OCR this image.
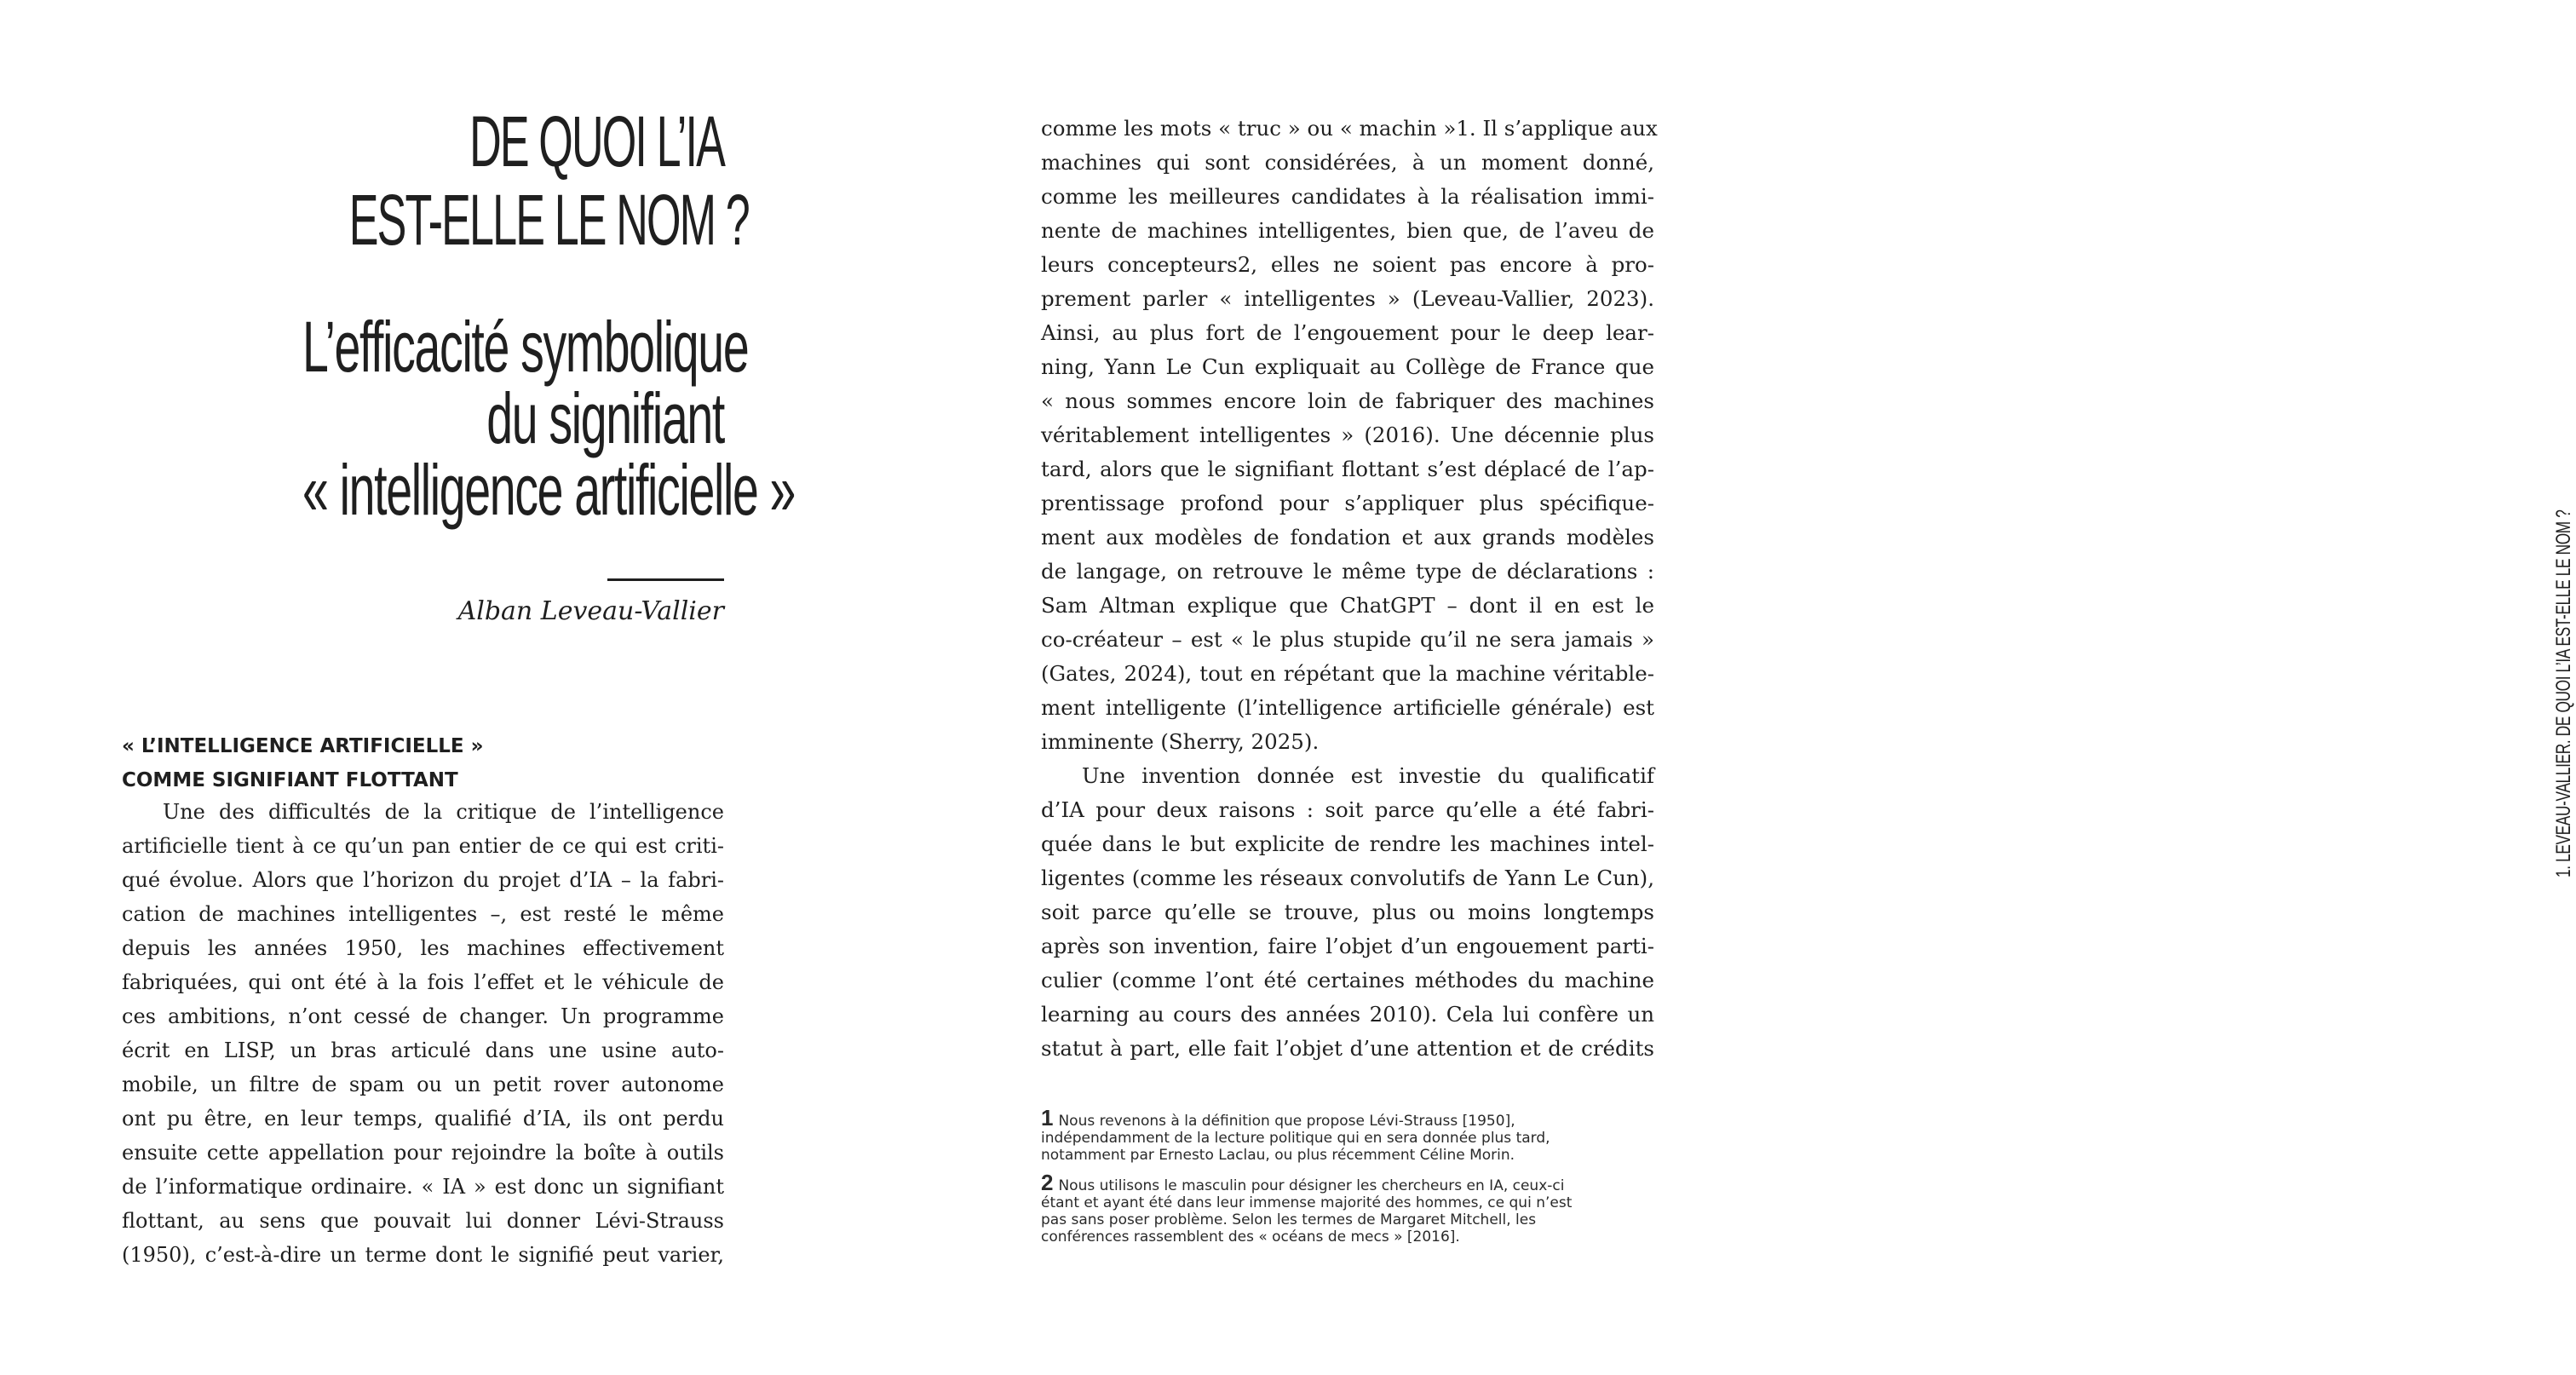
DE QUOI L’IA
EST-ELLE LE NOM ?
L’efficacité symbolique
du signifiant
« intelligence artificielle »
Alban Leveau-Vallier
« L’INTELLIGENCE ARTIFICIELLE »
COMME SIGNIFIANT FLOTTANT
Une des difficultés de la critique de l’intelligence
artificielle tient à ce qu’un pan entier de ce qui est criti-
qué évolue. Alors que l’horizon du projet d’IA – la fabri-
cation de machines intelligentes –, est resté le même
depuis les années 1950, les machines effectivement
fabriquées, qui ont été à la fois l’effet et le véhicule de
ces ambitions, n’ont cessé de changer. Un programme
écrit en LISP, un bras articulé dans une usine auto-
mobile, un filtre de spam ou un petit rover autonome
ont pu être, en leur temps, qualifié d’IA, ils ont perdu
ensuite cette appellation pour rejoindre la boîte à outils
de l’informatique ordinaire. « IA » est donc un signifiant
flottant, au sens que pouvait lui donner Lévi-Strauss
(1950), c’est-à-dire un terme dont le signifié peut varier,
comme les mots « truc » ou « machin »1. Il s’applique aux
machines qui sont considérées, à un moment donné,
comme les meilleures candidates à la réalisation immi-
nente de machines intelligentes, bien que, de l’aveu de
leurs concepteurs2, elles ne soient pas encore à pro-
prement parler « intelligentes » (Leveau-Vallier, 2023).
Ainsi, au plus fort de l’engouement pour le deep lear-
ning, Yann Le Cun expliquait au Collège de France que
« nous sommes encore loin de fabriquer des machines
véritablement intelligentes » (2016). Une décennie plus
tard, alors que le signifiant flottant s’est déplacé de l’ap-
prentissage profond pour s’appliquer plus spécifique-
ment aux modèles de fondation et aux grands modèles
de langage, on retrouve le même type de déclarations :
Sam Altman explique que ChatGPT – dont il en est le
co-créateur – est « le plus stupide qu’il ne sera jamais »
(Gates, 2024), tout en répétant que la machine véritable-
ment intelligente (l’intelligence artificielle générale) est
imminente (Sherry, 2025).
Une invention donnée est investie du qualificatif
d’IA pour deux raisons : soit parce qu’elle a été fabri-
quée dans le but explicite de rendre les machines intel-
ligentes (comme les réseaux convolutifs de Yann Le Cun),
soit parce qu’elle se trouve, plus ou moins longtemps
après son invention, faire l’objet d’un engouement parti-
culier (comme l’ont été certaines méthodes du machine
learning au cours des années 2010). Cela lui confère un
statut à part, elle fait l’objet d’une attention et de crédits
1 Nous revenons à la définition que propose Lévi-Strauss [1950],
indépendamment de la lecture politique qui en sera donnée plus tard,
notamment par Ernesto Laclau, ou plus récemment Céline Morin.
2 Nous utilisons le masculin pour désigner les chercheurs en IA, ceux-ci
étant et ayant été dans leur immense majorité des hommes, ce qui n’est
pas sans poser problème. Selon les termes de Margaret Mitchell, les
conférences rassemblent des « océans de mecs » [2016].
1. LEVEAU-VALLIER. DE QUOI L’IA EST-ELLE LE NOM ?
